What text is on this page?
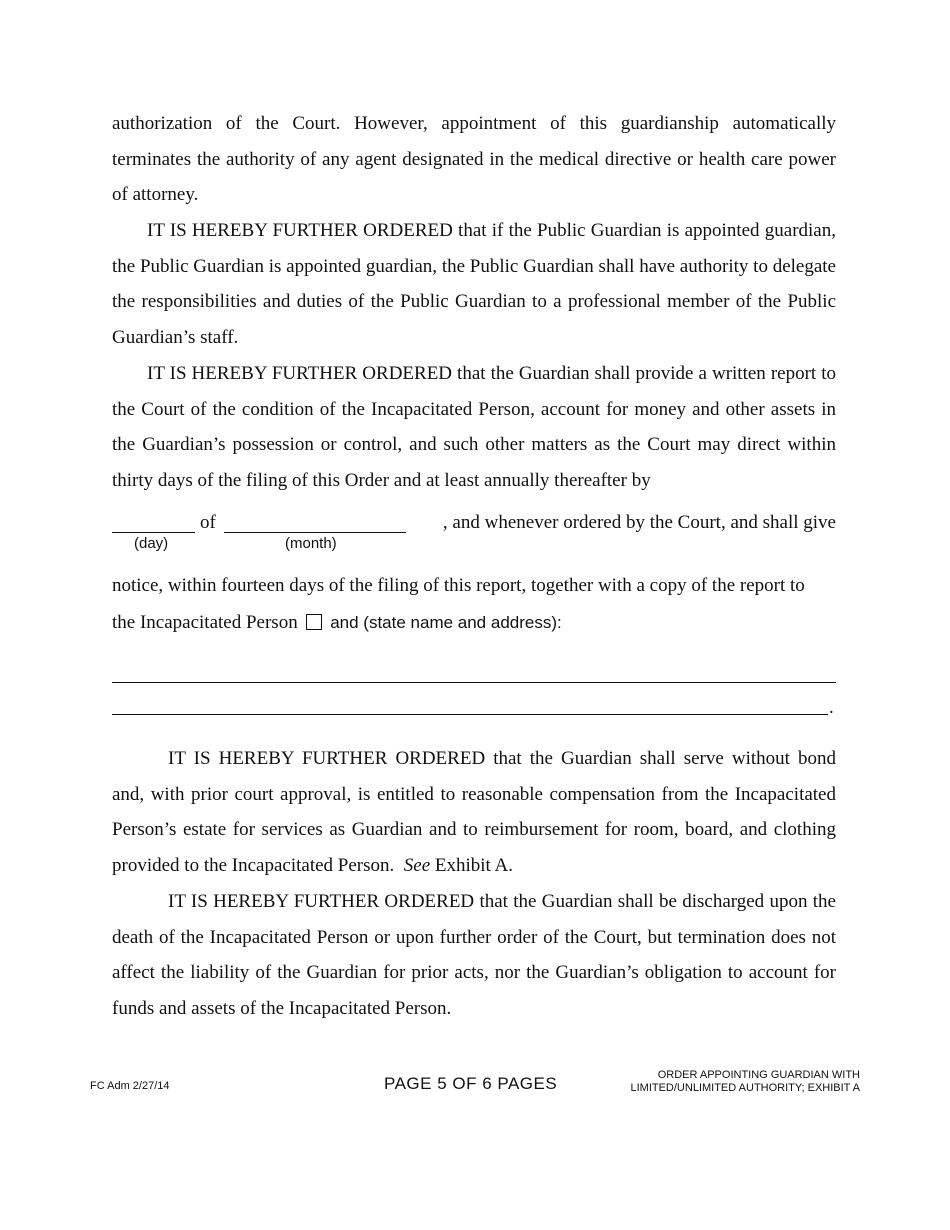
authorization of the Court. However, appointment of this guardianship automatically terminates the authority of any agent designated in the medical directive or health care power of attorney.
IT IS HEREBY FURTHER ORDERED that if the Public Guardian is appointed guardian, the Public Guardian is appointed guardian, the Public Guardian shall have authority to delegate the responsibilities and duties of the Public Guardian to a professional member of the Public Guardian’s staff.
IT IS HEREBY FURTHER ORDERED that the Guardian shall provide a written report to the Court of the condition of the Incapacitated Person, account for money and other assets in the Guardian’s possession or control, and such other matters as the Court may direct within thirty days of the filing of this Order and at least annually thereafter by
of	, and whenever ordered by the Court, and shall give
(day)	(month)
notice, within fourteen days of the filing of this report, together with a copy of the report to
the Incapacitated Person and (state name and address):
.
IT IS HEREBY FURTHER ORDERED that the Guardian shall serve without bond and, with prior court approval, is entitled to reasonable compensation from the Incapacitated Person’s estate for services as Guardian and to reimbursement for room, board, and clothing provided to the Incapacitated Person. See Exhibit A.
IT IS HEREBY FURTHER ORDERED that the Guardian shall be discharged upon the death of the Incapacitated Person or upon further order of the Court, but termination does not affect the liability of the Guardian for prior acts, nor the Guardian’s obligation to account for funds and assets of the Incapacitated Person.
FC Adm 2/27/14	PAGE 5 OF 6 PAGES	ORDER APPOINTING GUARDIAN WITH
LIMITED/UNLIMITED AUTHORITY; EXHIBIT A
